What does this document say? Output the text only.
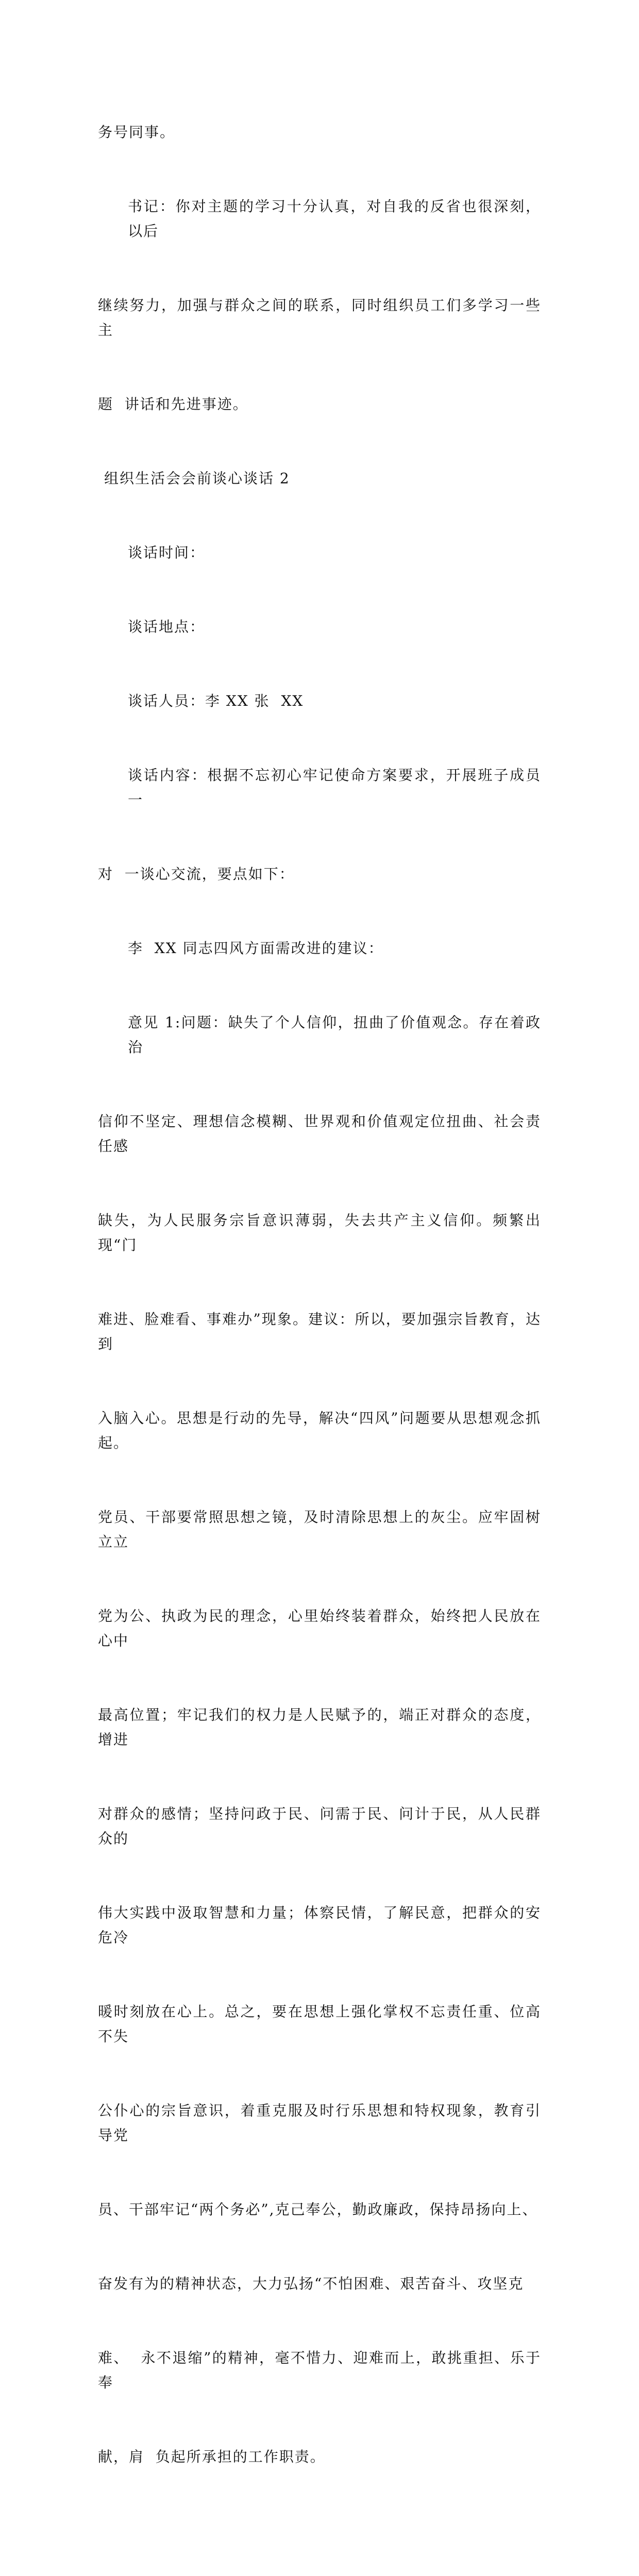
务号同事。

书记：你对主题的学习十分认真，对自我的反省也很深刻，以后

继续努力，加强与群众之间的联系，同时组织员工们多学习一些主

题  讲话和先进事迹。

组织生活会会前谈心谈话 2

谈话时间：

谈话地点：

谈话人员：李 XX 张  XX

谈话内容：根据不忘初心牢记使命方案要求，开展班子成员一

对  一谈心交流，要点如下：

李  XX 同志四风方面需改进的建议：

意见 1:问题：缺失了个人信仰，扭曲了价值观念。存在着政治

信仰不坚定、理想信念模糊、世界观和价值观定位扭曲、社会责任感

缺失，为人民服务宗旨意识薄弱，失去共产主义信仰。频繁出现“门

难进、脸难看、事难办”现象。建议：所以，要加强宗旨教育，达到

入脑入心。思想是行动的先导，解决“四风”问题要从思想观念抓起。

党员、干部要常照思想之镜，及时清除思想上的灰尘。应牢固树立立

党为公、执政为民的理念，心里始终装着群众，始终把人民放在心中

最高位置；牢记我们的权力是人民赋予的，端正对群众的态度，增进

对群众的感情；坚持问政于民、问需于民、问计于民，从人民群众的

伟大实践中汲取智慧和力量；体察民情，了解民意，把群众的安危冷

暖时刻放在心上。总之，要在思想上强化掌权不忘责任重、位高不失

公仆心的宗旨意识，着重克服及时行乐思想和特权现象，教育引导党

员、干部牢记“两个务必”,克己奉公，勤政廉政，保持昂扬向上、

奋发有为的精神状态，大力弘扬“不怕困难、艰苦奋斗、攻坚克

难、  永不退缩”的精神，毫不惜力、迎难而上，敢挑重担、乐于奉

献，肩  负起所承担的工作职责。
